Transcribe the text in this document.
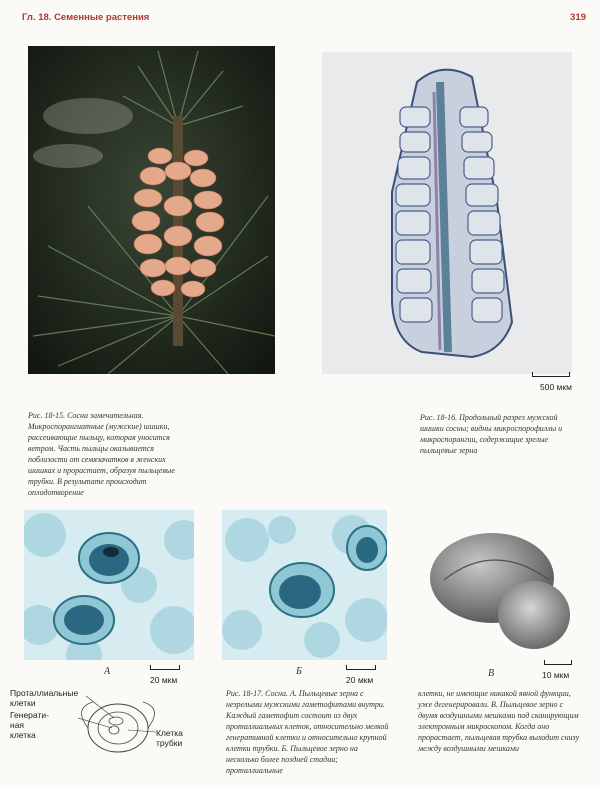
Гл. 18. Семенные растения	319
500 мкм
Рис. 18-15. Сосна замечательная. Микроспорангиатные (мужские) шишки, рассеивающие пыльцу, которая уносится ветром. Часть пыльцы оказывается поблизости от семязачатков в женских шишках и прорастает, образуя пыльцевые трубки. В результате происходит оплодотворение
Рис. 18-16. Продольный разрез мужской шишки сосны; видны микроспорофиллы и микроспорангии, содержащие зрелые пыльцевые зерна
А
20 мкм
Б
20 мкм
В	10 мкм
Проталлиальные
клетки
Генерати-
ная
клетка	Клетка
трубки
Рис. 18-17. Сосна. А. Пыльцевые зерна с незрелыми мужскими гаметофитами внутри. Каждый гаметофит состоит из двух проталлиальных клеток, относительно мелкой генеративной клетки и относительно крупной клетки трубки. Б. Пыльцевое зерно на несколько более поздней стадии; проталлиальные
клетки, не имеющие никакой явной функции, уже дегенерировали. В. Пыльцевое зерно с двумя воздушными мешками под сканирующим электронным микроскопом. Когда оно прорастает, пыльцевая трубка выходит снизу между воздушными мешками
